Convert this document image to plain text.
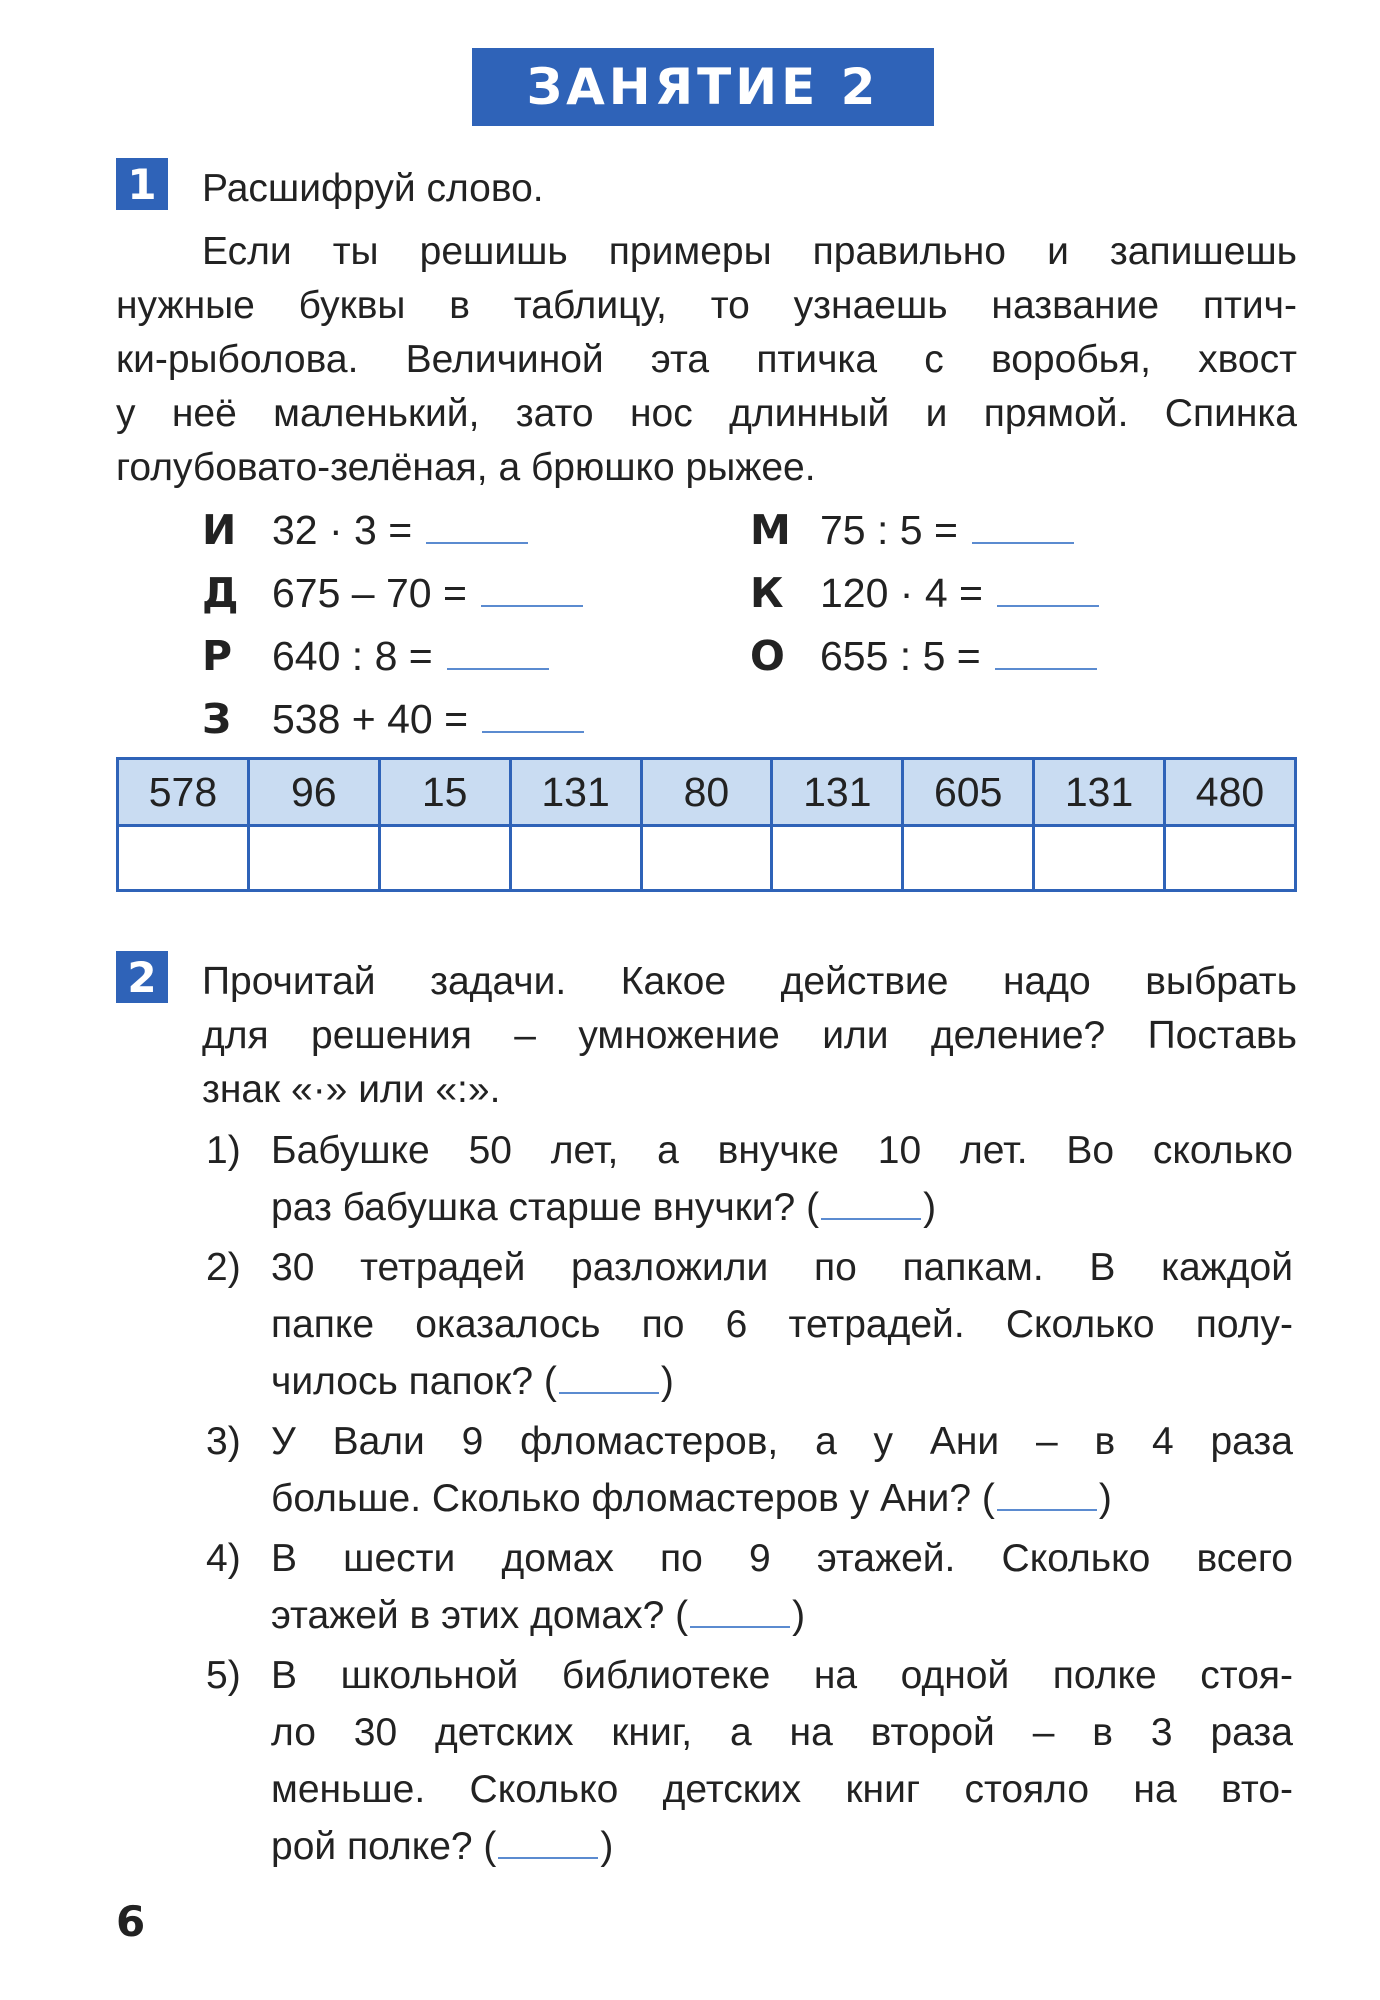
ЗАНЯТИЕ 2
1 Расшифруй слово.
Если ты решишь примеры правильно и запишешь
нужные буквы в таблицу, то узнаешь название птич-
ки-рыболова. Величиной эта птичка с воробья, хвост
у неё маленький, зато нос длинный и прямой. Спинка
голубовато-зелёная, а брюшко рыжее.
И 32 · 3 =	М 75 : 5 =
Д 675 – 70 =	К 120 · 4 =
Р 640 : 8 =	О 655 : 5 =
З 538 + 40 =
578	96	15	131	80	131	605	131	480

2 Прочитай задачи. Какое действие надо выбрать
для решения – умножение или деление? Поставь
знак «·» или «:».
1) Бабушке 50 лет, а внучке 10 лет. Во сколько
раз бабушка старше внучки? (	)
2) 30 тетрадей разложили по папкам. В каждой
папке оказалось по 6 тетрадей. Сколько полу-
чилось папок? (	)
3) У Вали 9 фломастеров, а у Ани – в 4 раза
больше. Сколько фломастеров у Ани? (	)
4) В шести домах по 9 этажей. Сколько всего
этажей в этих домах? (	)
5) В школьной библиотеке на одной полке стоя-
ло 30 детских книг, а на второй – в 3 раза
меньше. Сколько детских книг стояло на вто-
рой полке? (	)
6
